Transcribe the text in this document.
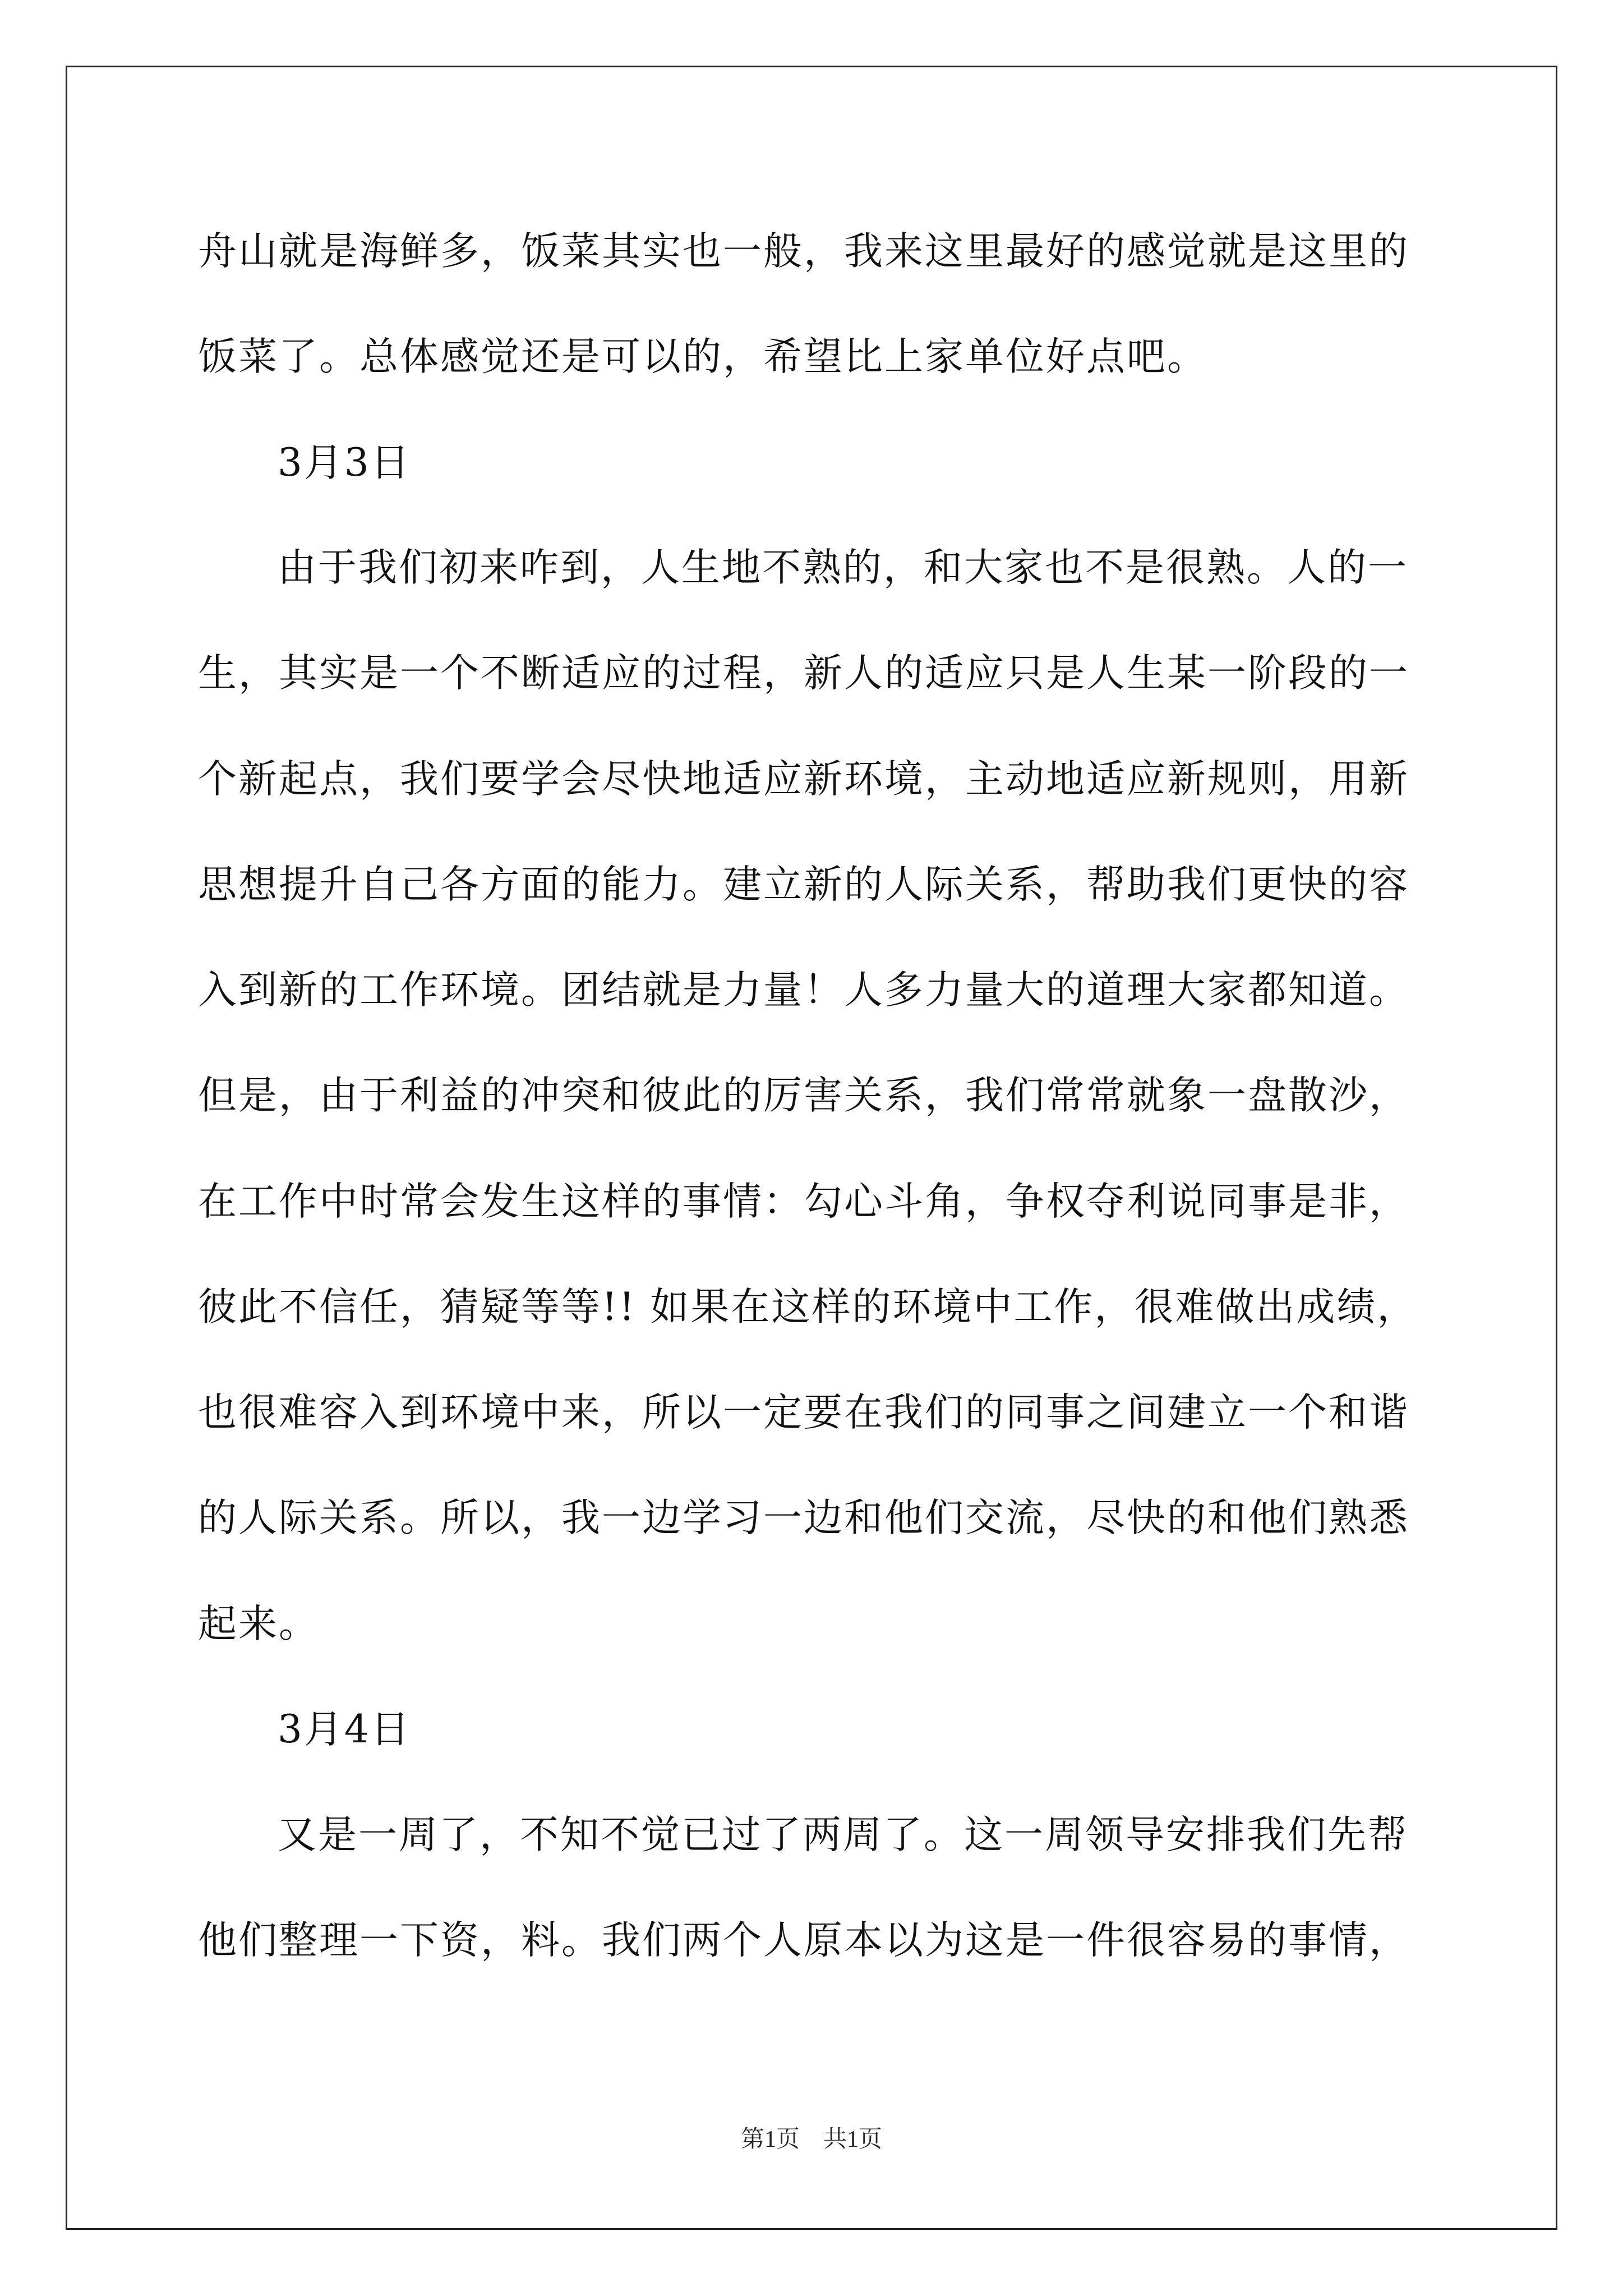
舟山就是海鲜多，饭菜其实也一般，我来这里最好的感觉就是这里的
饭菜了。总体感觉还是可以的，希望比上家单位好点吧。
3月3日
由于我们初来咋到，人生地不熟的，和大家也不是很熟。人的一
生，其实是一个不断适应的过程，新人的适应只是人生某一阶段的一
个新起点，我们要学会尽快地适应新环境，主动地适应新规则，用新
思想提升自己各方面的能力。建立新的人际关系，帮助我们更快的容
入到新的工作环境。团结就是力量！人多力量大的道理大家都知道。
但是，由于利益的冲突和彼此的厉害关系，我们常常就象一盘散沙，
在工作中时常会发生这样的事情：勾心斗角，争权夺利说同事是非，
彼此不信任，猜疑等等!! 如果在这样的环境中工作，很难做出成绩，
也很难容入到环境中来，所以一定要在我们的同事之间建立一个和谐
的人际关系。所以，我一边学习一边和他们交流，尽快的和他们熟悉
起来。
3月4日
又是一周了，不知不觉已过了两周了。这一周领导安排我们先帮
他们整理一下资，料。我们两个人原本以为这是一件很容易的事情，
第1页　共1页
